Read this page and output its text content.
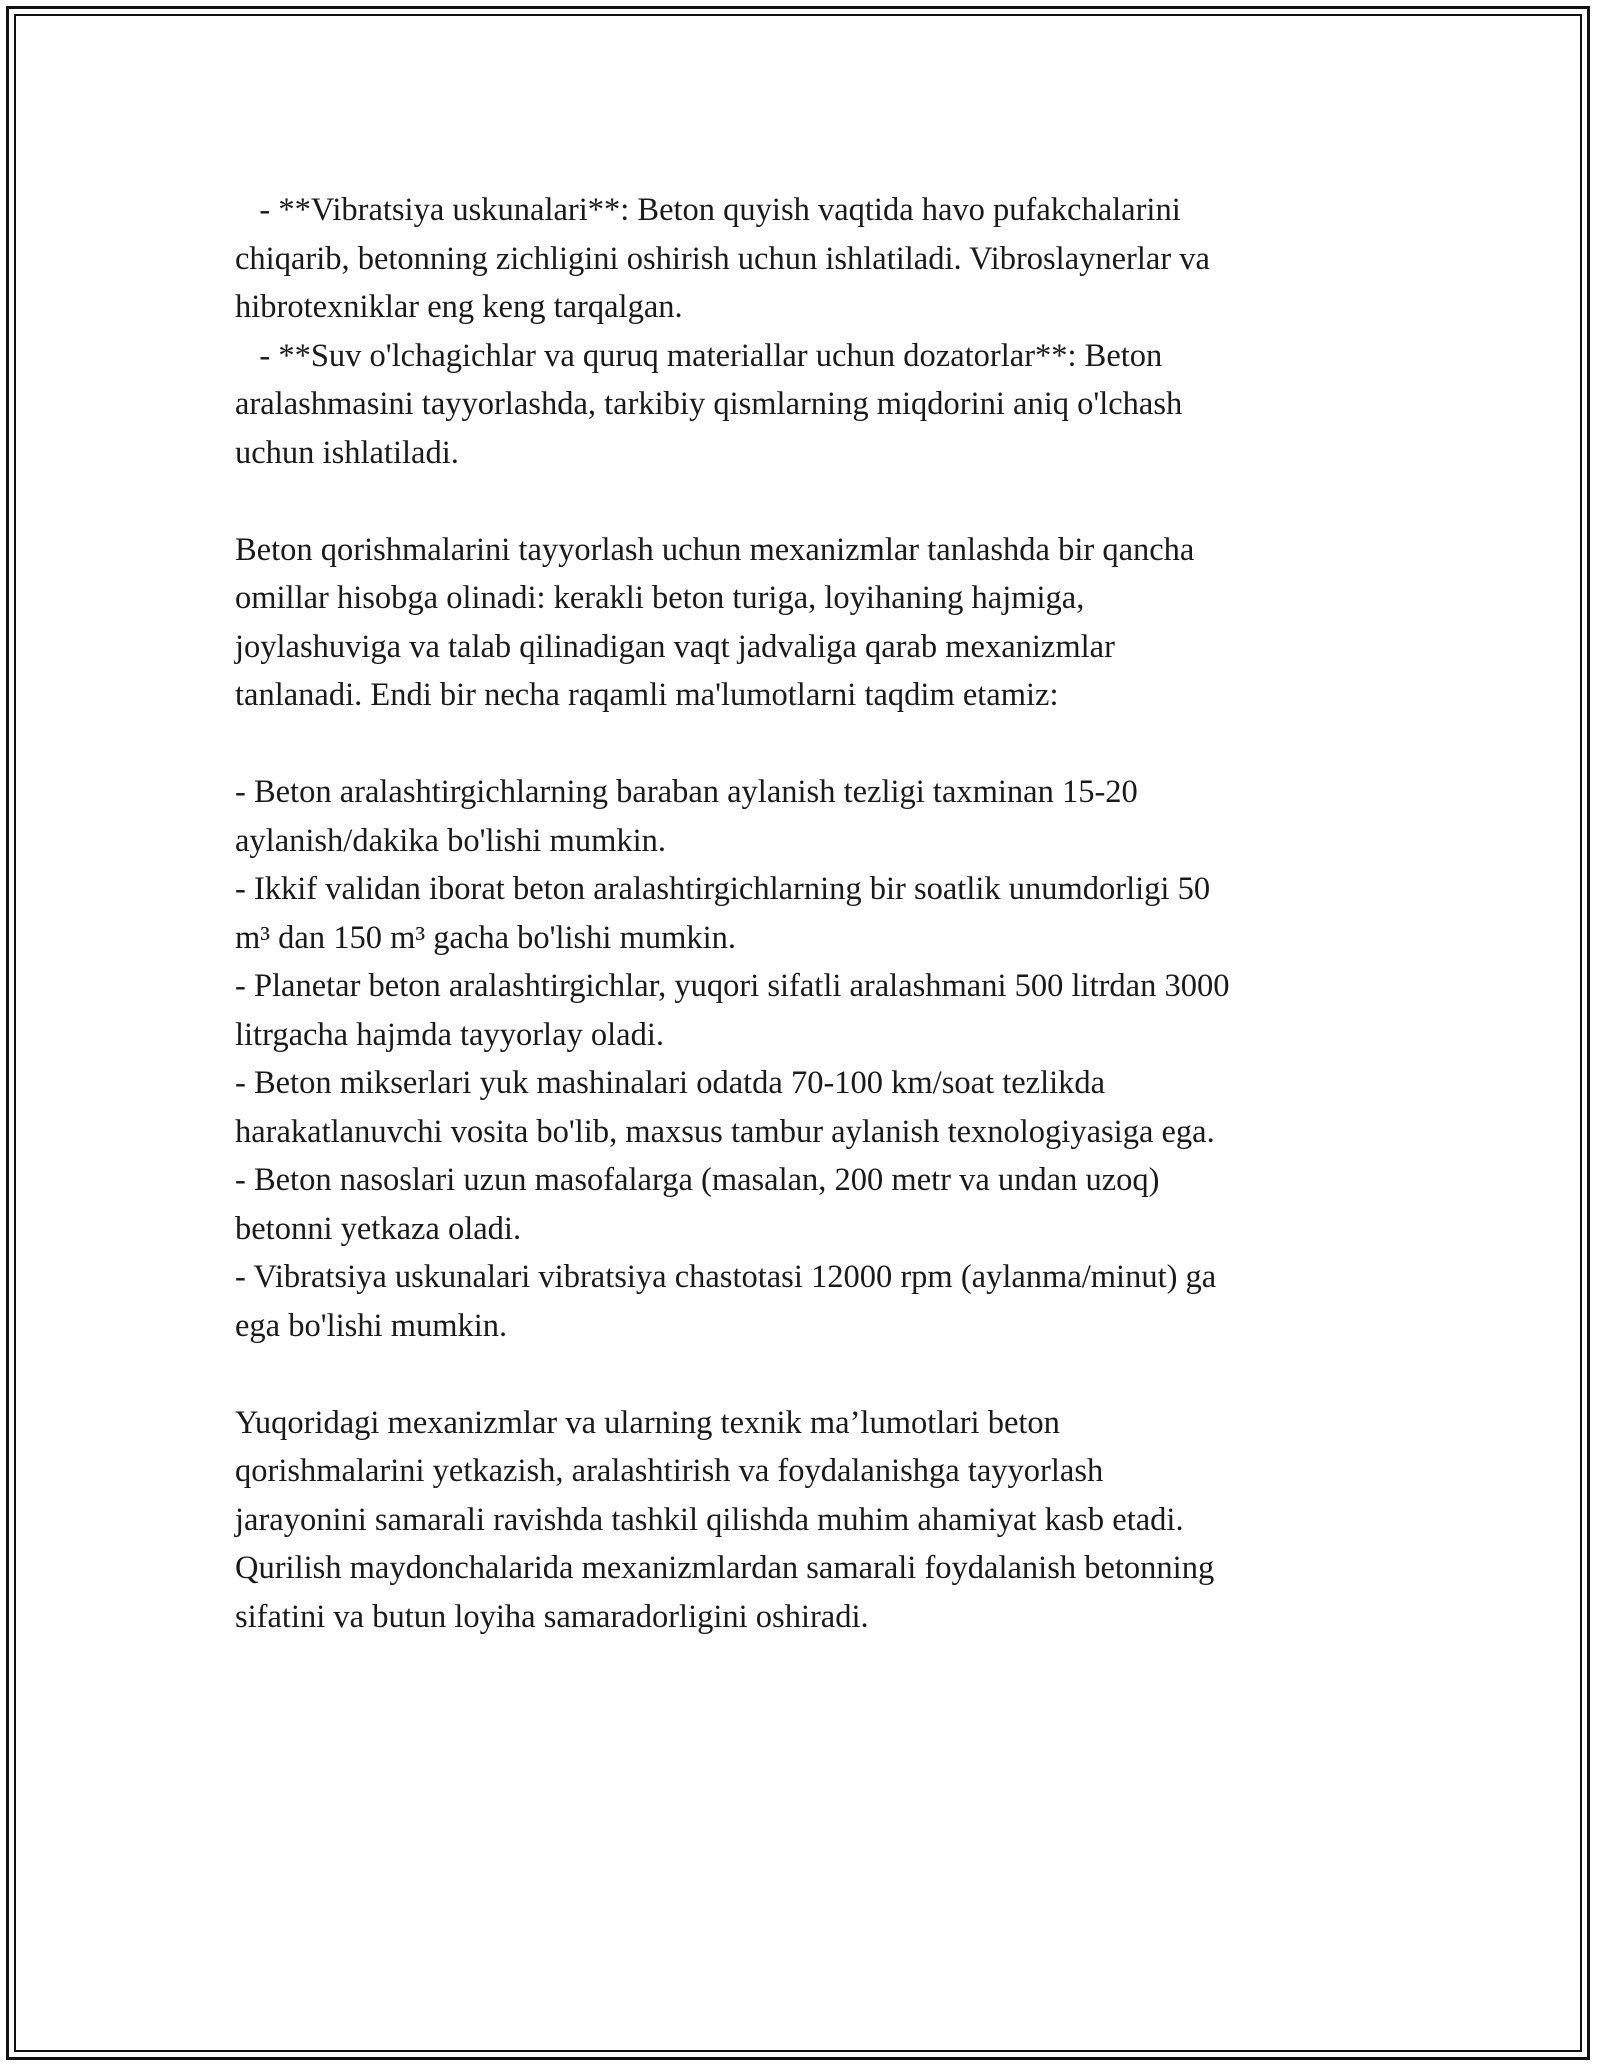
- **Vibratsiya uskunalari**: Beton quyish vaqtida havo pufakchalarini
chiqarib, betonning zichligini oshirish uchun ishlatiladi. Vibroslaynerlar va
hibrotexniklar eng keng tarqalgan.
- **Suv o'lchagichlar va quruq materiallar uchun dozatorlar**: Beton
aralashmasini tayyorlashda, tarkibiy qismlarning miqdorini aniq o'lchash
uchun ishlatiladi.
Beton qorishmalarini tayyorlash uchun mexanizmlar tanlashda bir qancha
omillar hisobga olinadi: kerakli beton turiga, loyihaning hajmiga,
joylashuviga va talab qilinadigan vaqt jadvaliga qarab mexanizmlar
tanlanadi. Endi bir necha raqamli ma'lumotlarni taqdim etamiz:
- Beton aralashtirgichlarning baraban aylanish tezligi taxminan 15-20
aylanish/dakika bo'lishi mumkin.
- Ikkif validan iborat beton aralashtirgichlarning bir soatlik unumdorligi 50
m³ dan 150 m³ gacha bo'lishi mumkin.
- Planetar beton aralashtirgichlar, yuqori sifatli aralashmani 500 litrdan 3000
litrgacha hajmda tayyorlay oladi.
- Beton mikserlari yuk mashinalari odatda 70-100 km/soat tezlikda
harakatlanuvchi vosita bo'lib, maxsus tambur aylanish texnologiyasiga ega.
- Beton nasoslari uzun masofalarga (masalan, 200 metr va undan uzoq)
betonni yetkaza oladi.
- Vibratsiya uskunalari vibratsiya chastotasi 12000 rpm (aylanma/minut) ga
ega bo'lishi mumkin.
Yuqoridagi mexanizmlar va ularning texnik ma’lumotlari beton
qorishmalarini yetkazish, aralashtirish va foydalanishga tayyorlash
jarayonini samarali ravishda tashkil qilishda muhim ahamiyat kasb etadi.
Qurilish maydonchalarida mexanizmlardan samarali foydalanish betonning
sifatini va butun loyiha samaradorligini oshiradi.
